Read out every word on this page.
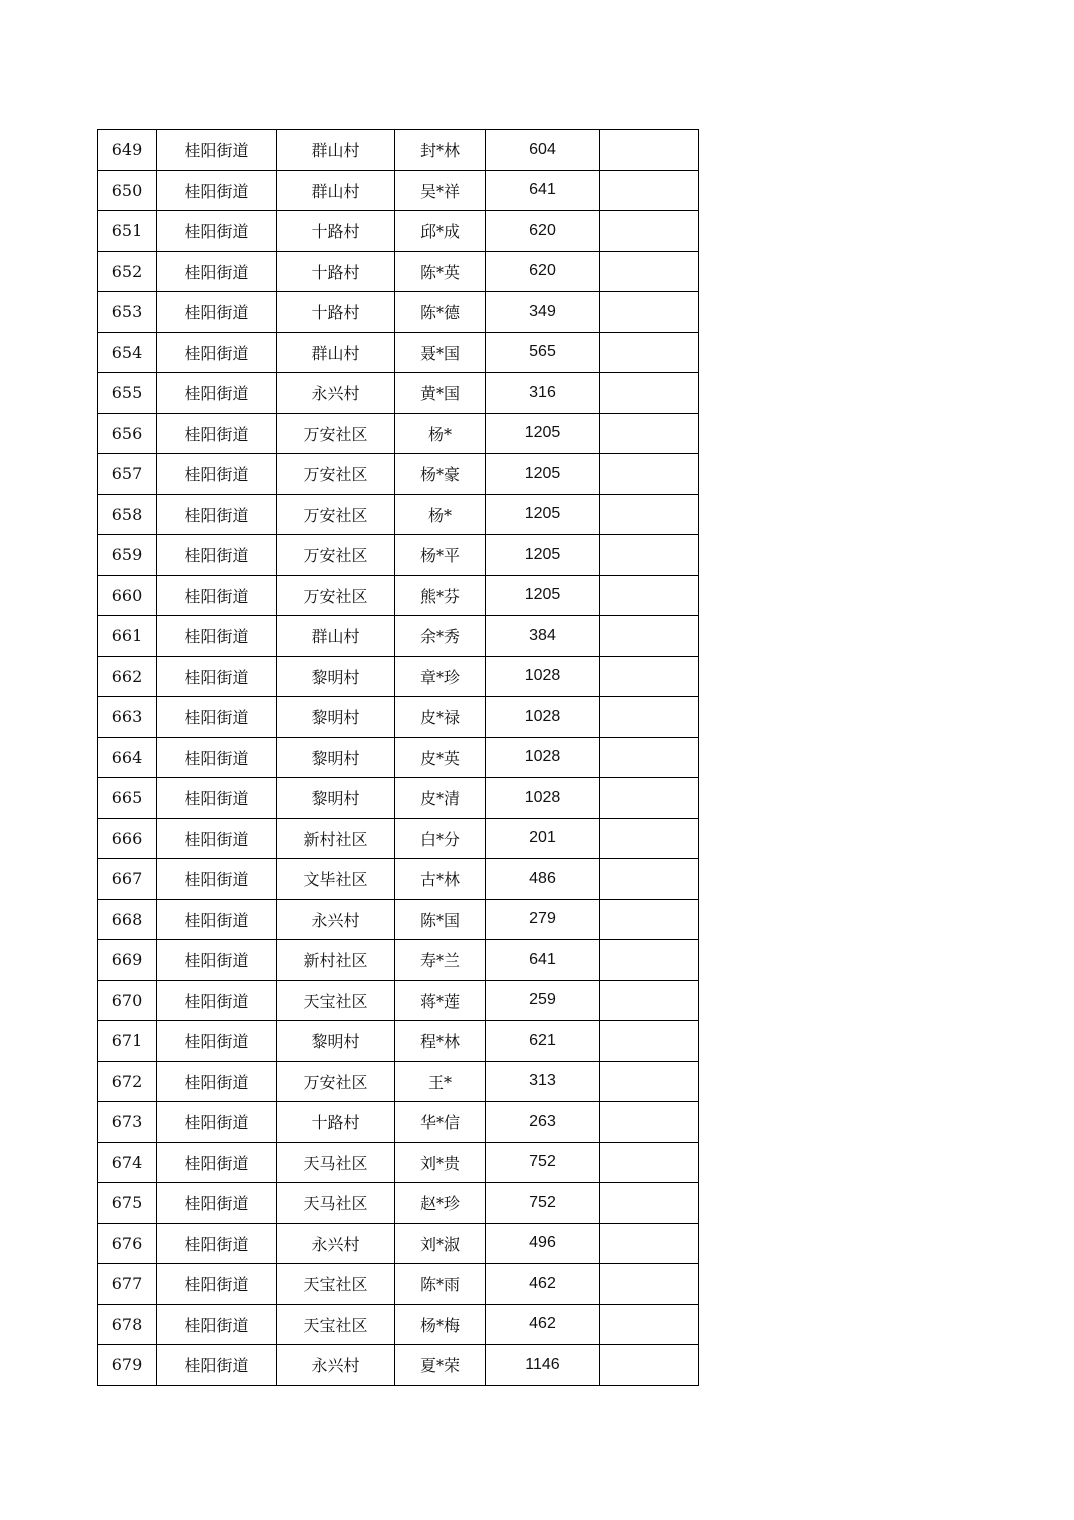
649	桂阳街道	群山村	封*林	604	
650	桂阳街道	群山村	吴*祥	641	
651	桂阳街道	十路村	邱*成	620	
652	桂阳街道	十路村	陈*英	620	
653	桂阳街道	十路村	陈*德	349	
654	桂阳街道	群山村	聂*国	565	
655	桂阳街道	永兴村	黄*国	316	
656	桂阳街道	万安社区	杨*	1205	
657	桂阳街道	万安社区	杨*豪	1205	
658	桂阳街道	万安社区	杨*	1205	
659	桂阳街道	万安社区	杨*平	1205	
660	桂阳街道	万安社区	熊*芬	1205	
661	桂阳街道	群山村	余*秀	384	
662	桂阳街道	黎明村	章*珍	1028	
663	桂阳街道	黎明村	皮*禄	1028	
664	桂阳街道	黎明村	皮*英	1028	
665	桂阳街道	黎明村	皮*清	1028	
666	桂阳街道	新村社区	白*分	201	
667	桂阳街道	文毕社区	古*林	486	
668	桂阳街道	永兴村	陈*国	279	
669	桂阳街道	新村社区	寿*兰	641	
670	桂阳街道	天宝社区	蒋*莲	259	
671	桂阳街道	黎明村	程*林	621	
672	桂阳街道	万安社区	王*	313	
673	桂阳街道	十路村	华*信	263	
674	桂阳街道	天马社区	刘*贵	752	
675	桂阳街道	天马社区	赵*珍	752	
676	桂阳街道	永兴村	刘*淑	496	
677	桂阳街道	天宝社区	陈*雨	462	
678	桂阳街道	天宝社区	杨*梅	462	
679	桂阳街道	永兴村	夏*荣	1146	
